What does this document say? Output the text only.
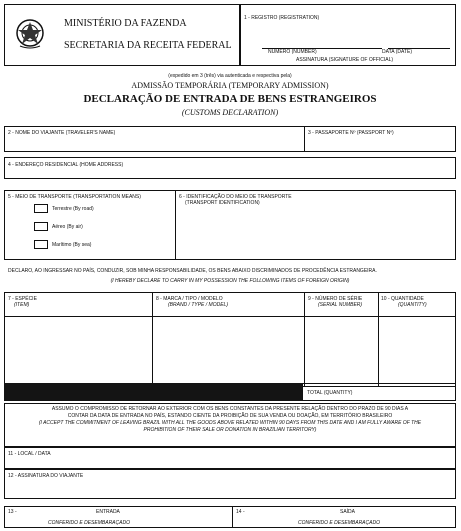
MINISTÉRIO DA FAZENDA
SECRETARIA DA RECEITA FEDERAL
1 - REGISTRO (REGISTRATION)
NÚMERO (NUMBER)	DATA (DATE)
ASSINATURA (SIGNATURE OF OFFICIAL)
(expedido em 3 (três) via autenticada e respectiva pela)
ADMISSÃO TEMPORÁRIA (TEMPORARY ADMISSION)
DECLARAÇÃO DE ENTRADA DE BENS ESTRANGEIROS
(CUSTOMS DECLARATION)
2 - NOME DO VIAJANTE (TRAVELER'S NAME)	3 - PASSAPORTE Nº (PASSPORT Nº)
4 - ENDEREÇO RESIDENCIAL (HOME ADDRESS)
5 - MEIO DE TRANSPORTE (TRANSPORTATION MEANS)	6 - IDENTIFICAÇÃO DO MEIO DE TRANSPORTE
(TRANSPORT IDENTIFICATION)
Terrestre (By road)
Aéreo (By air)
Marítimo (By sea)
DECLARO, AO INGRESSAR NO PAÍS, CONDUZIR, SOB MINHA RESPONSABILIDADE, OS BENS ABAIXO DISCRIMINADOS DE PROCEDÊNCIA ESTRANGEIRA.
(I HEREBY DECLARE TO CARRY IN MY POSSESSION THE FOLLOWING ITEMS OF FOREIGN ORIGIN)
7 - ESPÉCIE
(ITEM)
8 - MARCA / TIPO / MODELO
(BRAND / TYPE / MODEL)
9 - NÚMERO DE SÉRIE
(SERIAL NUMBER)
10 - QUANTIDADE
(QUANTITY)
TOTAL (QUANTITY)
ASSUMO O COMPROMISSO DE RETORNAR AO EXTERIOR COM OS BENS CONSTANTES DA PRESENTE RELAÇÃO DENTRO DO PRAZO DE 90 DIAS A
CONTAR DA DATA DE ENTRADA NO PAÍS, ESTANDO CIENTE DA PROIBIÇÃO DE SUA VENDA OU DOAÇÃO, EM TERRITÓRIO BRASILEIRO
(I ACCEPT THE COMMITMENT OF LEAVING BRAZIL WITH ALL THE GOODS ABOVE RELATED WITHIN 90 DAYS FROM THIS DATE AND I AM FULLY AWARE OF THE
PROHIBITION OF THEIR SALE OR DONATION IN BRAZILIAN TERRITORY)
11 - LOCAL / DATA
12 - ASSINATURA DO VIAJANTE
13 -	ENTRADA	14 -	SAÍDA
CONFERIDO E DESEMBARAÇADO	CONFERIDO E DESEMBARAÇADO
